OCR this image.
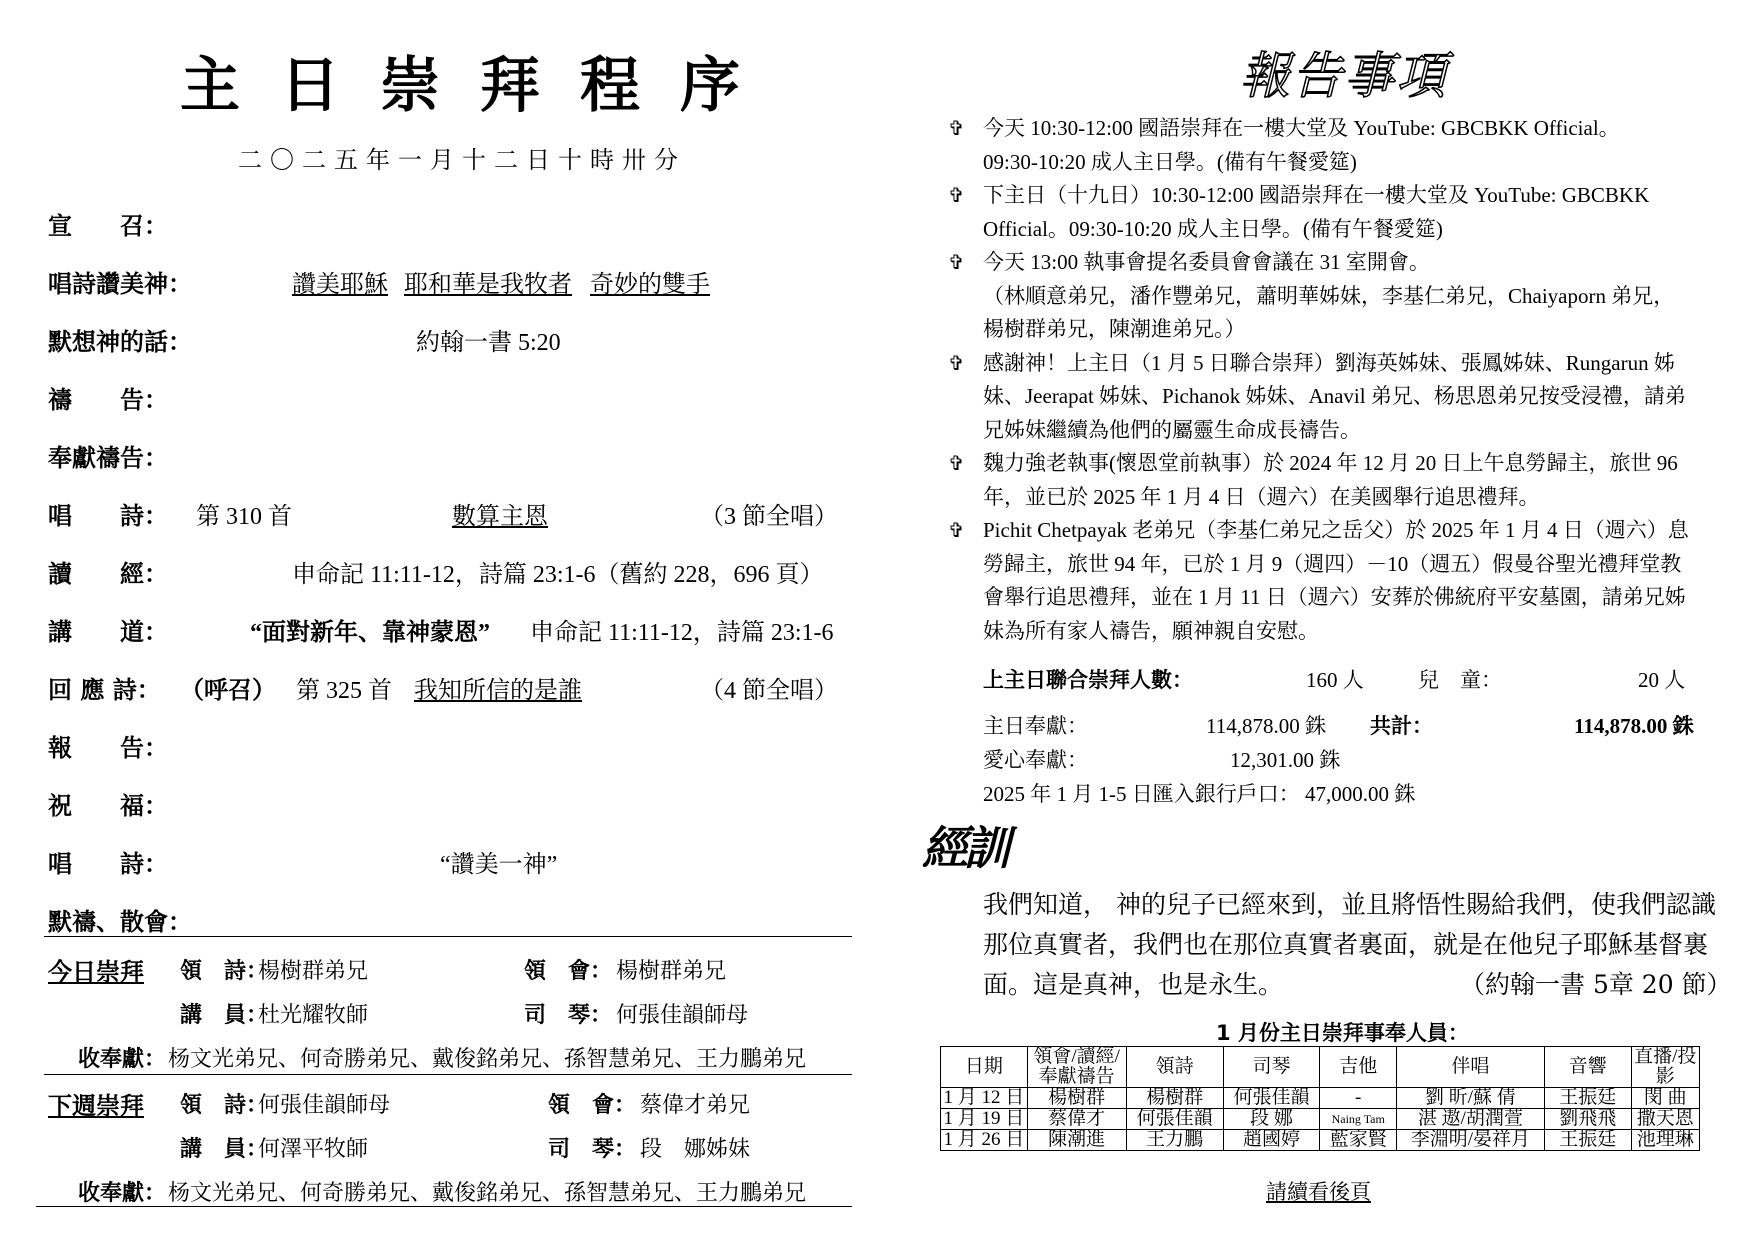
主日崇拜程序
二〇二五年一月十二日十時卅分
宣　　召：
唱詩讚美神：	讚美耶穌 耶和華是我牧者 奇妙的雙手
默想神的話：	約翰一書 5:20
禱　　告：
奉獻禱告：
唱　　詩： 第 310 首	數算主恩	（3 節全唱）
讀　　經：	申命記 11:11-12，詩篇 23:1-6（舊約 228，696 頁）
講　　道：	“面對新年、靠神蒙恩” 申命記 11:11-12，詩篇 23:1-6
回 應 詩： （呼召） 第 325 首 我知所信的是誰	（4 節全唱）
報　　告：
祝　　福：
唱　　詩：	“讚美一神”
默禱、散會：
今日崇拜 領　詩：
楊樹群弟兄	領　會： 楊樹群弟兄
講　員：
杜光耀牧師	司　琴： 何張佳韻師母
收奉獻： 杨文光弟兄、何奇勝弟兄、戴俊銘弟兄、孫智慧弟兄、王力鵬弟兄
下週崇拜 領　詩：
何張佳韻師母	領　會： 蔡偉才弟兄
講　員：
何澤平牧師	司　琴： 段　娜姊妹
收奉獻： 杨文光弟兄、何奇勝弟兄、戴俊銘弟兄、孫智慧弟兄、王力鵬弟兄
報告事項
✞ 今天 10:30-12:00 國語崇拜在一樓大堂及 YouTube: GBCBKK Official。
09:30-10:20 成人主日學。(備有午餐愛筵)
✞ 下主日（十九日）10:30-12:00 國語崇拜在一樓大堂及 YouTube: GBCBKK
Official。09:30-10:20 成人主日學。(備有午餐愛筵)
✞ 今天 13:00 執事會提名委員會會議在 31 室開會。
（林順意弟兄，潘作豐弟兄，蕭明華姊妹，李基仁弟兄，Chaiyaporn 弟兄，
楊樹群弟兄，陳潮進弟兄。）
✞ 感謝神！上主日（1 月 5 日聯合崇拜）劉海英姊妹、張鳳姊妹、Rungarun 姊
妹、Jeerapat 姊妹、Pichanok 姊妹、Anavil 弟兄、杨思恩弟兄按受浸禮，請弟
兄姊妹繼續為他們的屬靈生命成長禱告。
✞ 魏力強老執事(懷恩堂前執事）於 2024 年 12 月 20 日上午息勞歸主，旅世 96
年，並已於 2025 年 1 月 4 日（週六）在美國舉行追思禮拜。
✞ Pichit Chetpayak 老弟兄（李基仁弟兄之岳父）於 2025 年 1 月 4 日（週六）息
勞歸主，旅世 94 年，已於 1 月 9（週四）－10（週五）假曼谷聖光禮拜堂教
會舉行追思禮拜，並在 1 月 11 日（週六）安葬於佛統府平安墓園，請弟兄姊
妹為所有家人禱告，願神親自安慰。
上主日聯合崇拜人數：	160 人	兒　童：	20 人
主日奉獻：	114,878.00 銖 共計：	114,878.00 銖
愛心奉獻：	12,301.00 銖
2025 年 1 月 1-5 日匯入銀行戶口： 47,000.00 銖
經訓
我們知道， 神的兒子已經來到，並且將悟性賜給我們，使我們認識
那位真實者，我們也在那位真實者裏面，就是在他兒子耶穌基督裏
面。這是真神，也是永生。	（約翰一書 5章 20 節）
1 月份主日崇拜事奉人員：
日期	領會/讀經/奉獻禱告	領詩	司琴	吉他	伴唱	音響	直播/投影
1 月 12 日	楊樹群	楊樹群	何張佳韻	-	劉 昕/蘇 倩	王振廷	閔 曲
1 月 19 日	蔡偉才	何張佳韻	段 娜	Naing Tam	湛 遨/胡潤萱	劉飛飛	撒天恩
1 月 26 日	陳潮進	王力鵬	趙國婷	藍家賢	李淵明/晏祥月	王振廷	池理琳
請續看後頁
